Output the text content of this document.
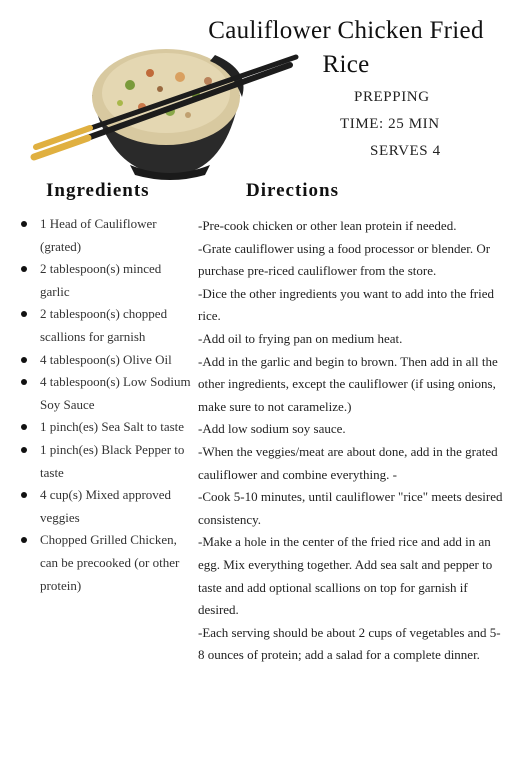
Cauliflower Chicken Fried Rice
PREPPING
TIME: 25 MIN
SERVES 4
Ingredients	Directions
1 Head of Cauliflower (grated)
2 tablespoon(s) minced garlic
2 tablespoon(s) chopped scallions for garnish
4 tablespoon(s) Olive Oil
4 tablespoon(s) Low Sodium Soy Sauce
1 pinch(es) Sea Salt to taste
1 pinch(es) Black Pepper to taste
4 cup(s) Mixed approved veggies
Chopped Grilled Chicken, can be precooked (or other protein)

-Pre-cook chicken or other lean protein if needed.

-Grate cauliflower using a food processor or blender. Or purchase pre-riced cauliflower from the store.

-Dice the other ingredients you want to add into the fried rice.

-Add oil to frying pan on medium heat.

-Add in the garlic and begin to brown. Then add in all the other ingredients, except the cauliflower (if using onions, make sure to not caramelize.)

-Add low sodium soy sauce.

-When the veggies/meat are about done, add in the grated cauliflower and combine everything. -

-Cook 5-10 minutes, until cauliflower "rice" meets desired consistency.

-Make a hole in the center of the fried rice and add in an egg. Mix everything together. Add sea salt and pepper to taste and add optional scallions on top for garnish if desired.

-Each serving should be about 2 cups of vegetables and 5-8 ounces of protein; add a salad for a complete dinner.
